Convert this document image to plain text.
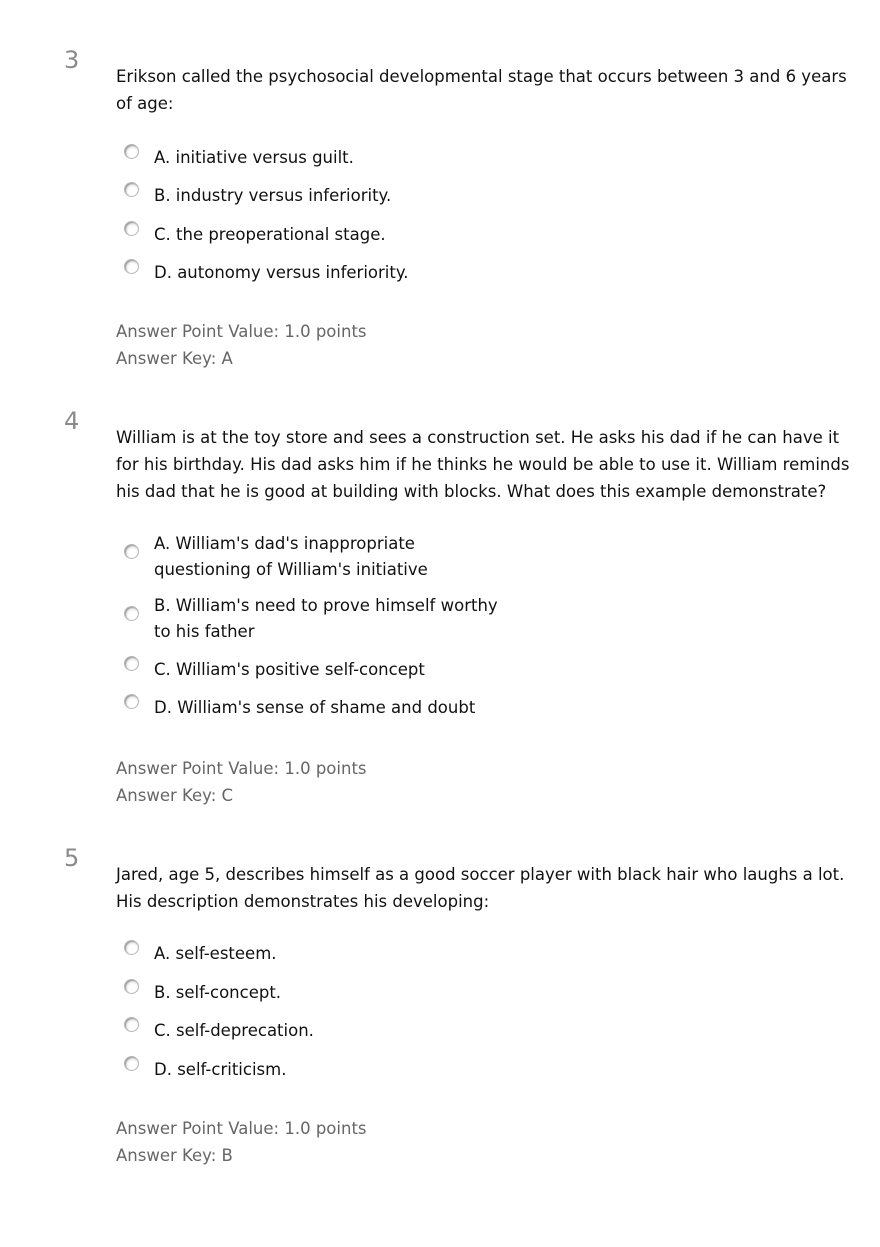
3
Erikson called the psychosocial developmental stage that occurs between 3 and 6 years of age:
A. initiative versus guilt.
B. industry versus inferiority.
C. the preoperational stage.
D. autonomy versus inferiority.
Answer Point Value: 1.0 points
Answer Key: A
4
William is at the toy store and sees a construction set. He asks his dad if he can have it for his birthday. His dad asks him if he thinks he would be able to use it. William reminds his dad that he is good at building with blocks. What does this example demonstrate?
A. William's dad's inappropriate questioning of William's initiative
B. William's need to prove himself worthy to his father
C. William's positive self-concept
D. William's sense of shame and doubt
Answer Point Value: 1.0 points
Answer Key: C
5
Jared, age 5, describes himself as a good soccer player with black hair who laughs a lot. His description demonstrates his developing:
A. self-esteem.
B. self-concept.
C. self-deprecation.
D. self-criticism.
Answer Point Value: 1.0 points
Answer Key: B
